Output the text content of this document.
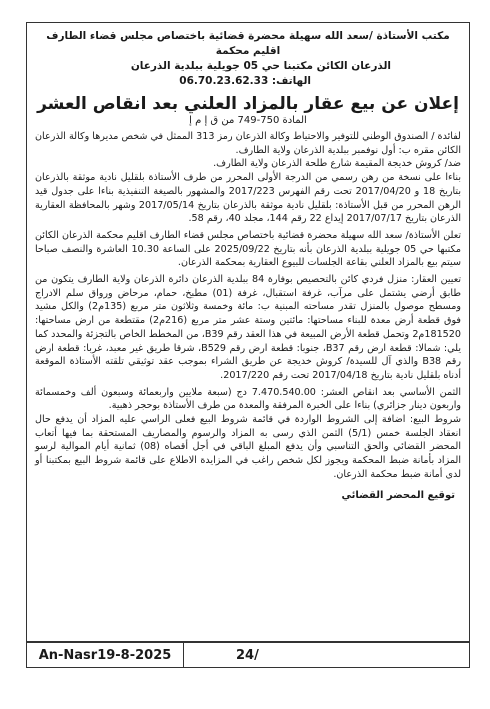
مكتب الأستاذة /سعد الله سهيلة محضرة قضائية باختصاص مجلس قضاء الطارف
اقليم محكمة
الذرعان الكائن مكتبنا حي 05 جويلية ببلدية الذرعان
الهاتف: 06.70.23.62.33
إعلان عن بيع عقار بالمزاد العلني بعد انقاص العشر
المادة 750-749 من ق إ م إ

لفائدة / الصندوق الوطني للتوفير والاحتياط وكالة الذرعان رمز 313 الممثل في شخص مديرها وكالة الذرعان الكائن مقره ب: أول نوفمبر ببلدية الذرعان ولاية الطارف.

ضد/ كروش خديجة المقيمة شارع طلحة الذرعان ولاية الطارف.

بناءا على نسخة من رهن رسمي من الدرجة الأولى المحرر من طرف الأستاذة بلقليل نادية موثقة بالذرعان بتاريخ 18 و 2017/04/20 تحت رقم الفهرس 2017/223 والمشهور بالصيغة التنفيذية بناءا على جدول قيد الرهن المحرر من قبل الأستاذة: بلقليل نادية موثقة بالذرعان بتاريخ 2017/05/14 وشهر بالمحافظة العقارية الذرعان بتاريخ 2017/07/17 إيداع 22 رقم 144، مجلد 40، رقم 58.

تعلن الأستاذة/ سعد الله سهيلة محضرة قضائية باختصاص مجلس قضاء الطارف اقليم محكمة الذرعان الكائن مكتبها حي 05 جويلية ببلدية الذرعان بأنه بتاريخ 2025/09/22 على الساعة 10.30 العاشرة والنصف صباحا سيتم بيع بالمزاد العلني بقاعة الجلسات للبيوع العقارية بمحكمة الذرعان.

تعيين العقار: منزل فردي كائن بالتحصيص بوفارة 84 ببلدية الذرعان دائرة الذرعان ولاية الطارف يتكون من طابق أرضي يشتمل على مرآب، غرفة استقبال، غرفة (01) مطبخ، حمام، مرحاض ورواق سلم الادراج ومسطح موصول بالمنزل تقدر مساحته المبنية ب: مائة وخمسة وثلاثون متر مربع (135م2) والكل مشيد فوق قطعة أرض معدة للبناء مساحتها: مائتين وستة عشر متر مربع (216م2) مقتطعة من ارض مساحتها: 181520م2 وتحمل قطعة الأرض المبيعة في هذا العقد رقم B39، من المخطط الخاص بالتجزئة والمحدد كما يلي: شمالا: قطعة ارض رقم B37، جنوبا: قطعة ارض رقم B529، شرقا طريق غير معبد، غربا: قطعة ارض رقم B38 والذي آل للسيدة/ كروش خديجة عن طريق الشراء بموجب عقد توثيقي تلقته الأستاذة الموقعة أدناه بلقليل نادية بتاريخ 2017/04/18 تحت رقم 2017/220.

الثمن الأساسي بعد انقاص العشر: 7.470.540.00 دج (سبعة ملايين واربعمائة وسبعون ألف وخمسمائة واربعون دينار جزائري) بناءا على الخبرة المرفقة والمعدة من طرف الأستاذة بوحجر ذهبية.

شروط البيع: اضافة إلى الشروط الواردة في قائمة شروط البيع فعلى الراسي عليه المزاد أن يدفع حال انعقاد الجلسة خمس (5/1) الثمن الذي رسى به المزاد والرسوم والمصاريف المستحقة بما فيها أتعاب المحضر القضائي والحق التناسبي وأن يدفع المبلغ الباقي في أجل أقصاه (08) ثمانية أيام الموالية لرسو المزاد بأمانة ضبط المحكمة ويجوز لكل شخص راغب في المزايدة الاطلاع على قائمة شروط البيع بمكتبنا أو لدى أمانة ضبط محكمة الذرعان.

توقيع المحضر القضائي
An-Nasr19-8-2025	24/
